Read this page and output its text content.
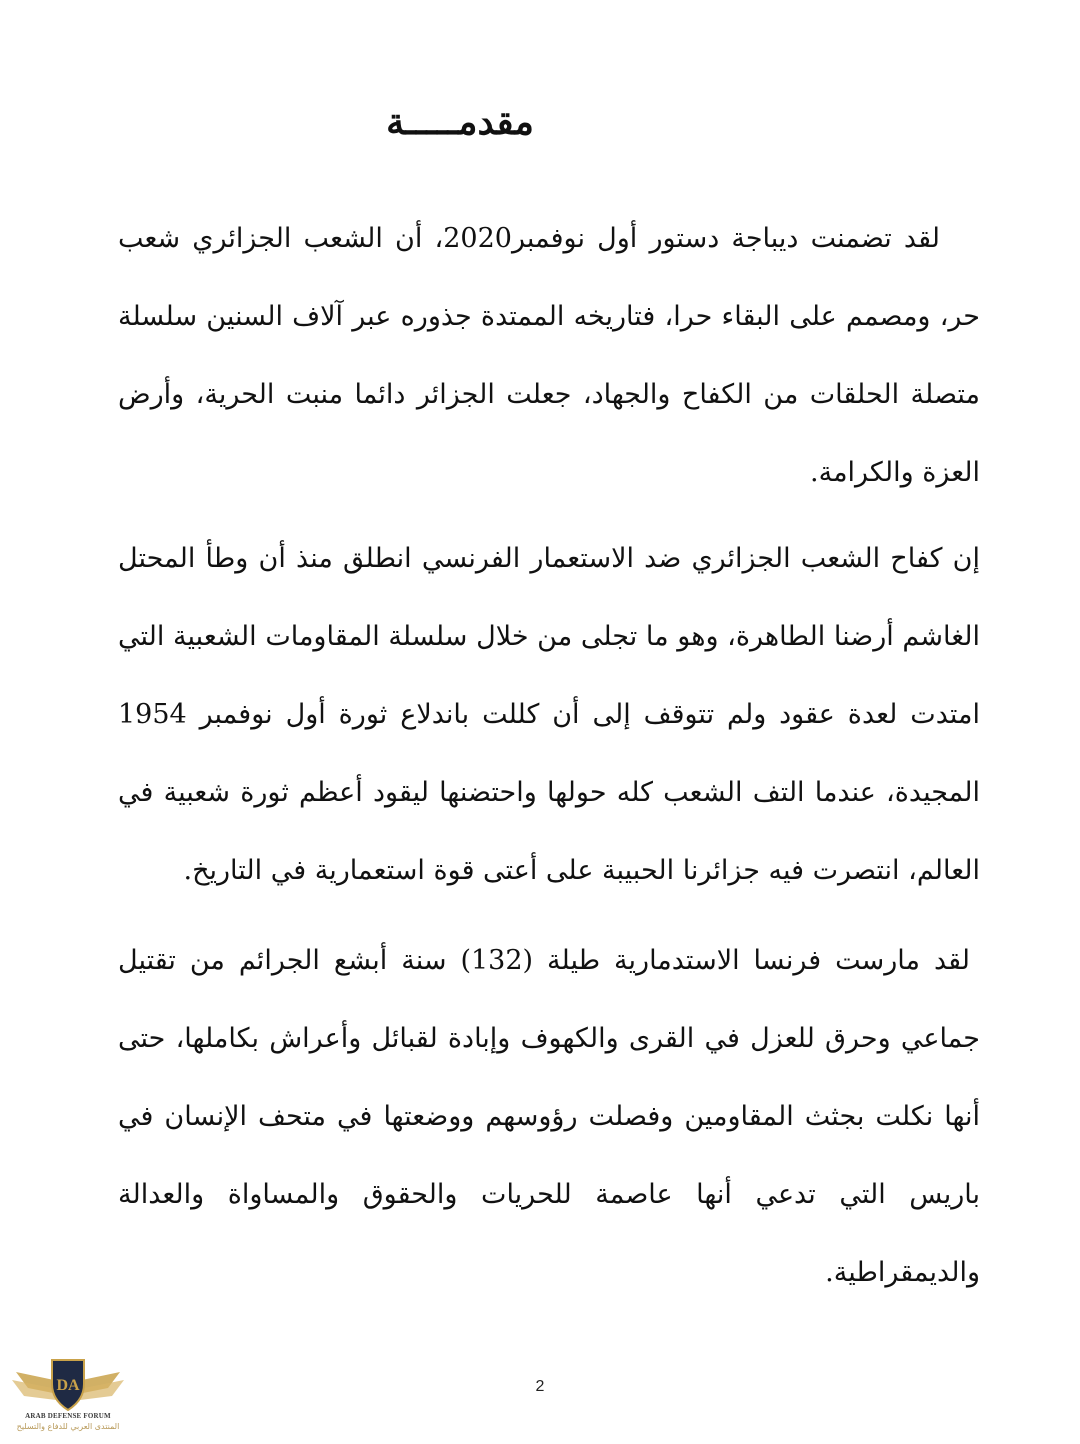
مقدمـــــة

لقد تضمنت ديباجة دستور أول نوفمبر2020، أن الشعب الجزائري شعب حر، ومصمم على البقاء حرا، فتاريخه الممتدة جذوره عبر آلاف السنين سلسلة متصلة الحلقات من الكفاح والجهاد، جعلت الجزائر دائما منبت الحرية، وأرض العزة والكرامة.

إن كفاح الشعب الجزائري ضد الاستعمار الفرنسي انطلق منذ أن وطأ المحتل الغاشم أرضنا الطاهرة، وهو ما تجلى من خلال سلسلة المقاومات الشعبية التي امتدت لعدة عقود ولم تتوقف إلى أن كللت باندلاع ثورة أول نوفمبر 1954 المجيدة، عندما التف الشعب كله حولها واحتضنها ليقود أعظم ثورة شعبية في العالم، انتصرت فيه جزائرنا الحبيبة على أعتى قوة استعمارية في التاريخ.

لقد مارست فرنسا الاستدمارية طيلة (132) سنة أبشع الجرائم من تقتيل جماعي وحرق للعزل في القرى والكهوف وإبادة لقبائل وأعراش بكاملها، حتى أنها نكلت بجثث المقاومين وفصلت رؤوسهم ووضعتها في متحف الإنسان في باريس التي تدعي أنها عاصمة للحريات والحقوق والمساواة والعدالة والديمقراطية.

2
DA
ARAB DEFENSE FORUM
المنتدى العربي للدفاع والتسليح
